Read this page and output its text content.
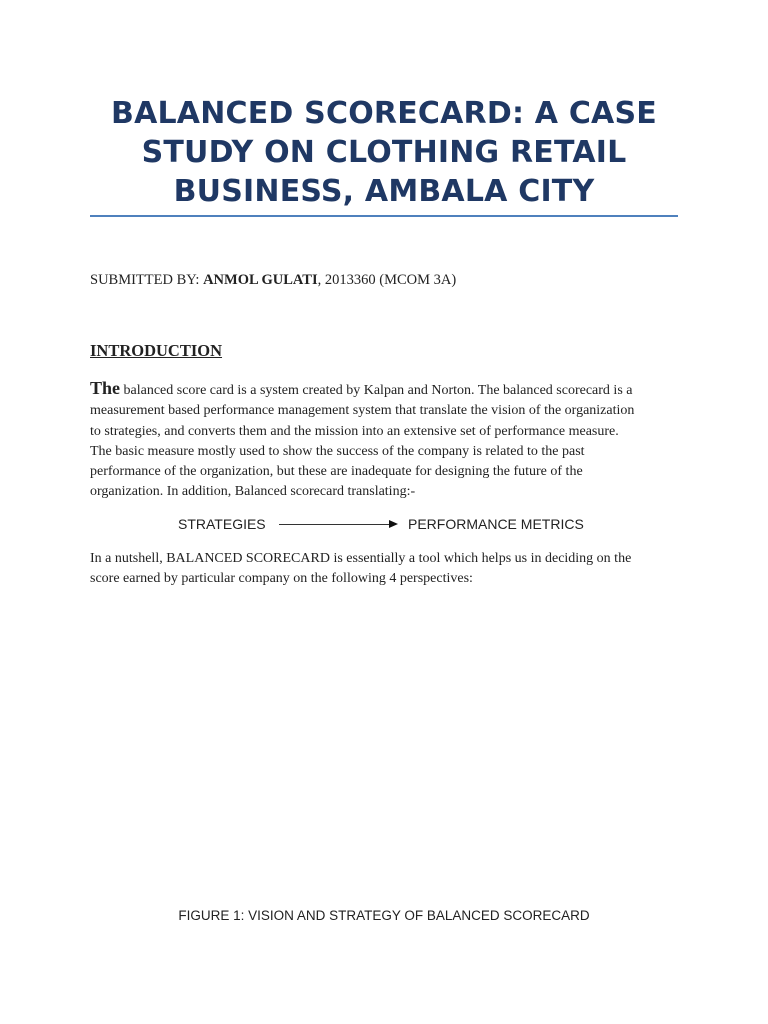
BALANCED SCORECARD: A CASE
STUDY ON CLOTHING RETAIL
BUSINESS, AMBALA CITY
SUBMITTED BY: ANMOL GULATI, 2013360 (MCOM 3A)
INTRODUCTION

The balanced score card is a system created by Kalpan and Norton. The balanced scorecard is a
measurement based performance management system that translate the vision of the organization
to strategies, and converts them and the mission into an extensive set of performance measure.
The basic measure mostly used to show the success of the company is related to the past
performance of the organization, but these are inadequate for designing the future of the
organization. In addition, Balanced scorecard translating:-

STRATEGIES	PERFORMANCE METRICS

In a nutshell, BALANCED SCORECARD is essentially a tool which helps us in deciding on the
score earned by particular company on the following 4 perspectives:

FIGURE 1: VISION AND STRATEGY OF BALANCED SCORECARD
